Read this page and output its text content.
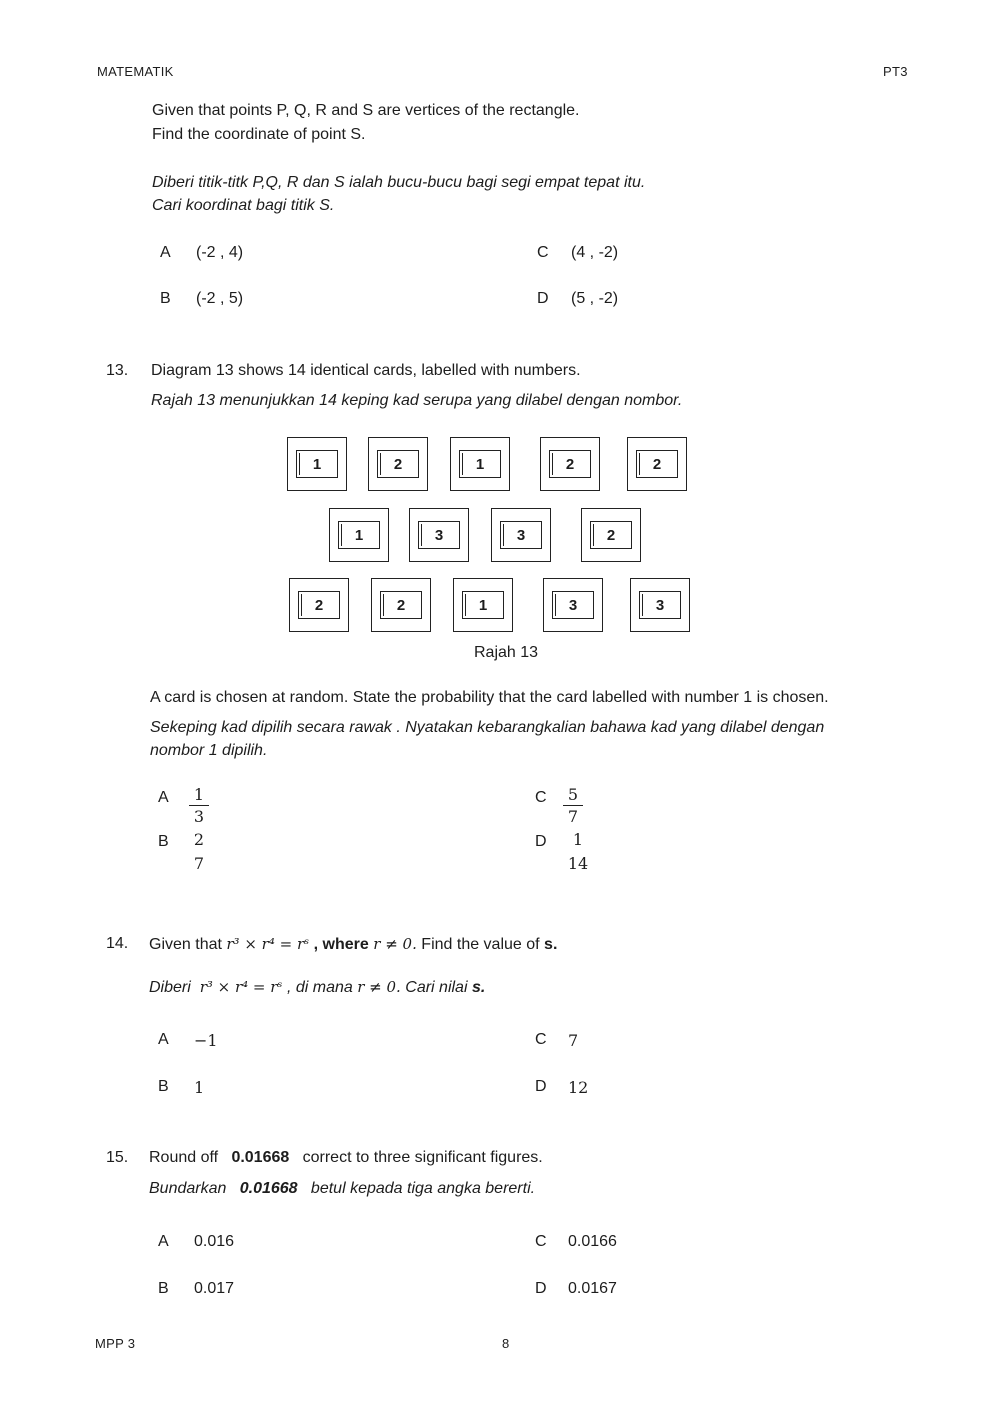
MATEMATIK	PT3
Given that points P, Q, R and S are vertices of the rectangle.
Find the coordinate of point S.
Diberi titik-titk P,Q, R dan S ialah bucu-bucu bagi segi empat tepat itu.
Cari koordinat bagi titik S.
A (-2 , 4)
B (-2 , 5)
C (4 , -2)
D (5 , -2)
13. Diagram 13 shows 14 identical cards, labelled with numbers.
Rajah 13 menunjukkan 14 keping kad serupa yang dilabel dengan nombor.
1	2	1	2	2
1	3	3	2
2	2	1	3	3
Rajah 13
A card is chosen at random. State the probability that the card labelled with number 1 is chosen.
Sekeping kad dipilih secara rawak . Nyatakan kebarangkalian bahawa kad yang dilabel dengan
nombor 1 dipilih.
A $\frac{1}{3}$
B	2
7
C $\frac{5}{7}$
D	1
14
14. Given that r³ × r⁴ = rˢ , where r ≠ 0. Find the value of s.
Diberi r³ × r⁴ = rˢ , di mana r ≠ 0. Cari nilai s.
A −1
B 1
C 7
D 12
15. Round off 0.01668 correct to three significant figures.
Bundarkan 0.01668 betul kepada tiga angka bererti.
A 0.016
B 0.017
C 0.0166
D 0.0167
MPP 3	8
